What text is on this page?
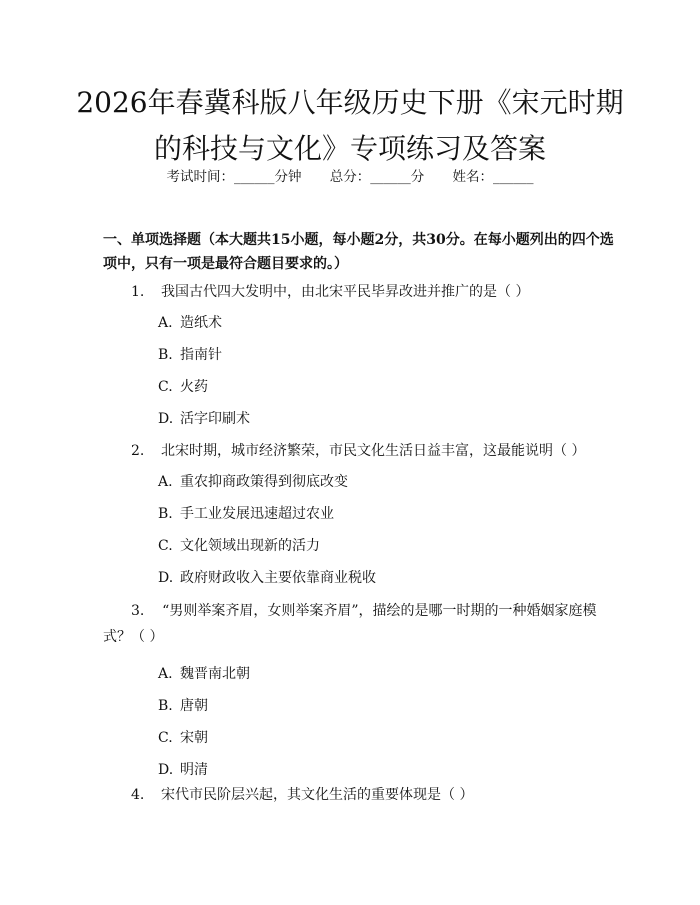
2026年春冀科版八年级历史下册《宋元时期
的科技与文化》专项练习及答案
考试时间：______分钟 总分：______分 姓名：______
一、单项选择题（本大题共15小题，每小题2分，共30分。在每小题列出的四个选项中，只有一项是最符合题目要求的。）
1. 我国古代四大发明中，由北宋平民毕昇改进并推广的是（ ）
A. 造纸术
B. 指南针
C. 火药
D. 活字印刷术
2. 北宋时期，城市经济繁荣，市民文化生活日益丰富，这最能说明（ ）
A. 重农抑商政策得到彻底改变
B. 手工业发展迅速超过农业
C. 文化领域出现新的活力
D. 政府财政收入主要依靠商业税收
3. “男则举案齐眉，女则举案齐眉”，描绘的是哪一时期的一种婚姻家庭模式？（ ）
A. 魏晋南北朝
B. 唐朝
C. 宋朝
D. 明清
4. 宋代市民阶层兴起，其文化生活的重要体现是（ ）
